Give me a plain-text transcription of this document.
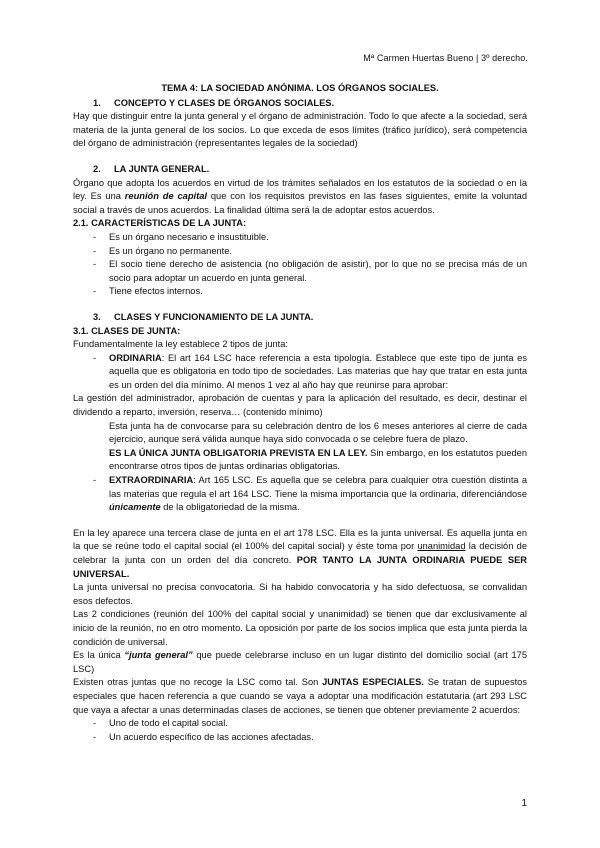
Mª Carmen Huertas Bueno | 3º derecho.

TEMA 4: LA SOCIEDAD ANÓNIMA. LOS ÓRGANOS SOCIALES.

1. CONCEPTO Y CLASES DE ÓRGANOS SOCIALES.

Hay que distinguir entre la junta general y el órgano de administración. Todo lo que afecte a la sociedad, será materia de la junta general de los socios. Lo que exceda de esos límites (tráfico jurídico), será competencia del órgano de administración (representantes legales de la sociedad)

2. LA JUNTA GENERAL.

Órgano que adopta los acuerdos en virtud de los trámites señalados en los estatutos de la sociedad o en la ley. Es una reunión de capital que con los requisitos previstos en las fases siguientes, emite la voluntad social a través de unos acuerdos. La finalidad última será la de adoptar estos acuerdos.

2.1. CARACTERÍSTICAS DE LA JUNTA:

- Es un órgano necesario e insustituible.
- Es un órgano no permanente.
- El socio tiene derecho de asistencia (no obligación de asistir), por lo que no se precisa más de un socio para adoptar un acuerdo en junta general.
- Tiene efectos internos.

3. CLASES Y FUNCIONAMIENTO DE LA JUNTA.

3.1. CLASES DE JUNTA:

Fundamentalmente la ley establece 2 tipos de junta:

- ORDINARIA: El art 164 LSC hace referencia a esta tipología. Establece que este tipo de junta es aquella que es obligatoria en todo tipo de sociedades. Las materias que hay que tratar en esta junta es un orden del día mínimo. Al menos 1 vez al año hay que reunirse para aprobar:

La gestión del administrador, aprobación de cuentas y para la aplicación del resultado, es decir, destinar el dividendo a reparto, inversión, reserva… (contenido mínimo)

Esta junta ha de convocarse para su celebración dentro de los 6 meses anteriores al cierre de cada ejercicio, aunque será válida aunque haya sido convocada o se celebre fuera de plazo.

ES LA ÚNICA JUNTA OBLIGATORIA PREVISTA EN LA LEY. Sin embargo, en los estatutos pueden encontrarse otros tipos de juntas ordinarias obligatorias.

- EXTRAORDINARIA: Art 165 LSC. Es aquella que se celebra para cualquier otra cuestión distinta a las materias que regula el art 164 LSC. Tiene la misma importancia que la ordinaria, diferenciándose únicamente de la obligatoriedad de la misma.

En la ley aparece una tercera clase de junta en el art 178 LSC. Ella es la junta universal. Es aquella junta en la que se reúne todo el capital social (el 100% del capital social) y éste toma por unanimidad la decisión de celebrar la junta con un orden del día concreto. POR TANTO LA JUNTA ORDINARIA PUEDE SER UNIVERSAL.

La junta universal no precisa convocatoria. Si ha habido convocatoria y ha sido defectuosa, se convalidan esos defectos.

Las 2 condiciones (reunión del 100% del capital social y unanimidad) se tienen que dar exclusivamente al inicio de la reunión, no en otro momento. La oposición por parte de los socios implica que esta junta pierda la condición de universal.

Es la única “junta general” que puede celebrarse incluso en un lugar distinto del domicilio social (art 175 LSC)

Existen otras juntas que no recoge la LSC como tal. Son JUNTAS ESPECIALES. Se tratan de supuestos especiales que hacen referencia a que cuando se vaya a adoptar una modificación estatutaria (art 293 LSC que vaya a afectar a unas determinadas clases de acciones, se tienen que obtener previamente 2 acuerdos:

- Uno de todo el capital social.
- Un acuerdo específico de las acciones afectadas.
1
